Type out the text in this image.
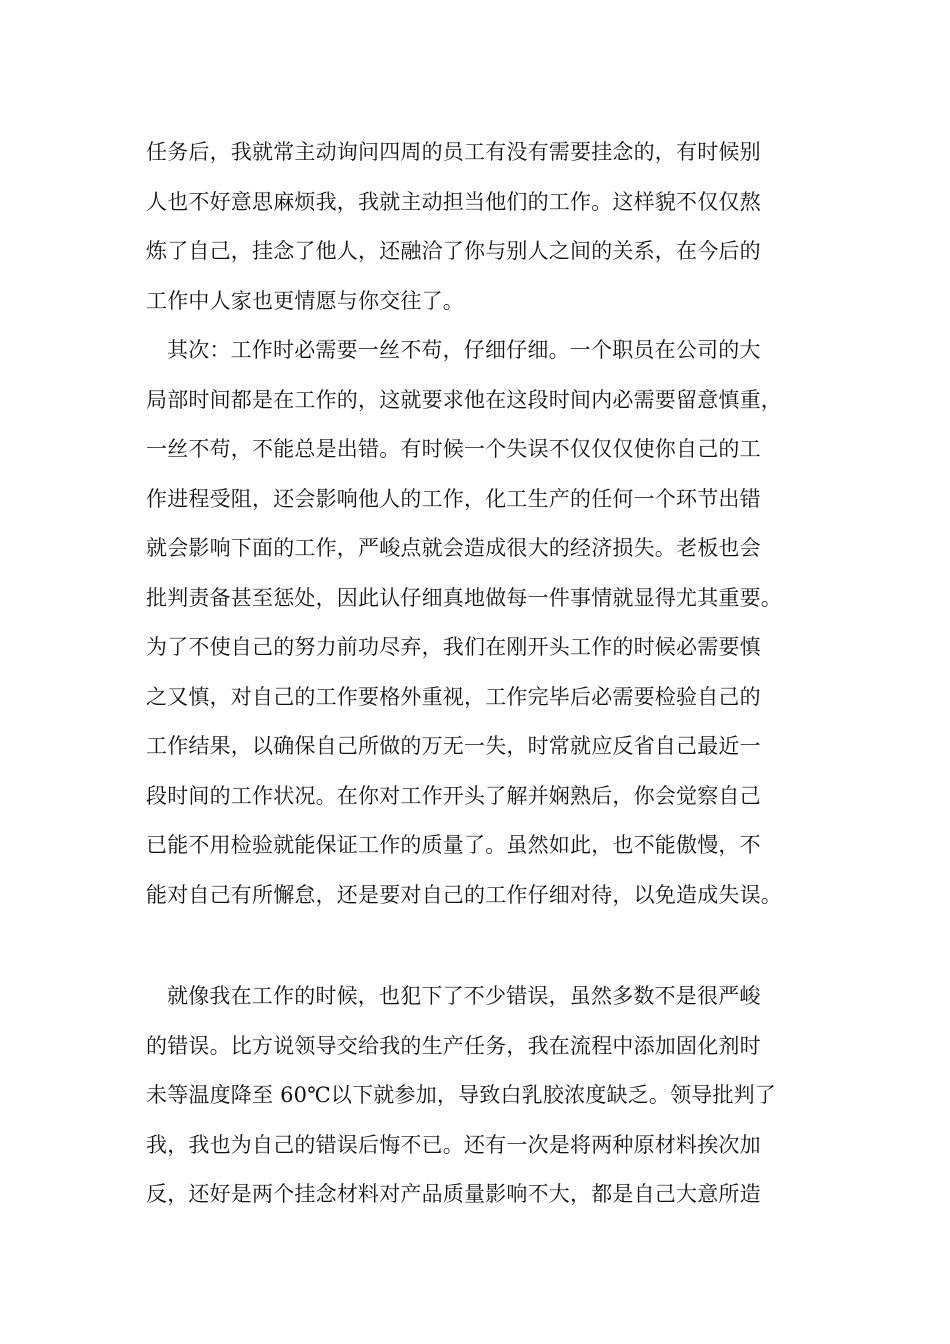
任务后，我就常主动询问四周的员工有没有需要挂念的，有时候别
人也不好意思麻烦我，我就主动担当他们的工作。这样貌不仅仅熬
炼了自己，挂念了他人，还融洽了你与别人之间的关系，在今后的
工作中人家也更情愿与你交往了。
其次：工作时必需要一丝不苟，仔细仔细。一个职员在公司的大
局部时间都是在工作的，这就要求他在这段时间内必需要留意慎重，
一丝不苟，不能总是出错。有时候一个失误不仅仅仅使你自己的工
作进程受阻，还会影响他人的工作，化工生产的任何一个环节出错
就会影响下面的工作，严峻点就会造成很大的经济损失。老板也会
批判责备甚至惩处，因此认仔细真地做每一件事情就显得尤其重要。
为了不使自己的努力前功尽弃，我们在刚开头工作的时候必需要慎
之又慎，对自己的工作要格外重视，工作完毕后必需要检验自己的
工作结果，以确保自己所做的万无一失，时常就应反省自己最近一
段时间的工作状况。在你对工作开头了解并娴熟后，你会觉察自己
已能不用检验就能保证工作的质量了。虽然如此，也不能傲慢，不
能对自己有所懈怠，还是要对自己的工作仔细对待，以免造成失误。
就像我在工作的时候，也犯下了不少错误，虽然多数不是很严峻
的错误。比方说领导交给我的生产任务，我在流程中添加固化剂时
未等温度降至 60℃以下就参加，导致白乳胶浓度缺乏。领导批判了
我，我也为自己的错误后悔不已。还有一次是将两种原材料挨次加
反，还好是两个挂念材料对产品质量影响不大，都是自己大意所造
